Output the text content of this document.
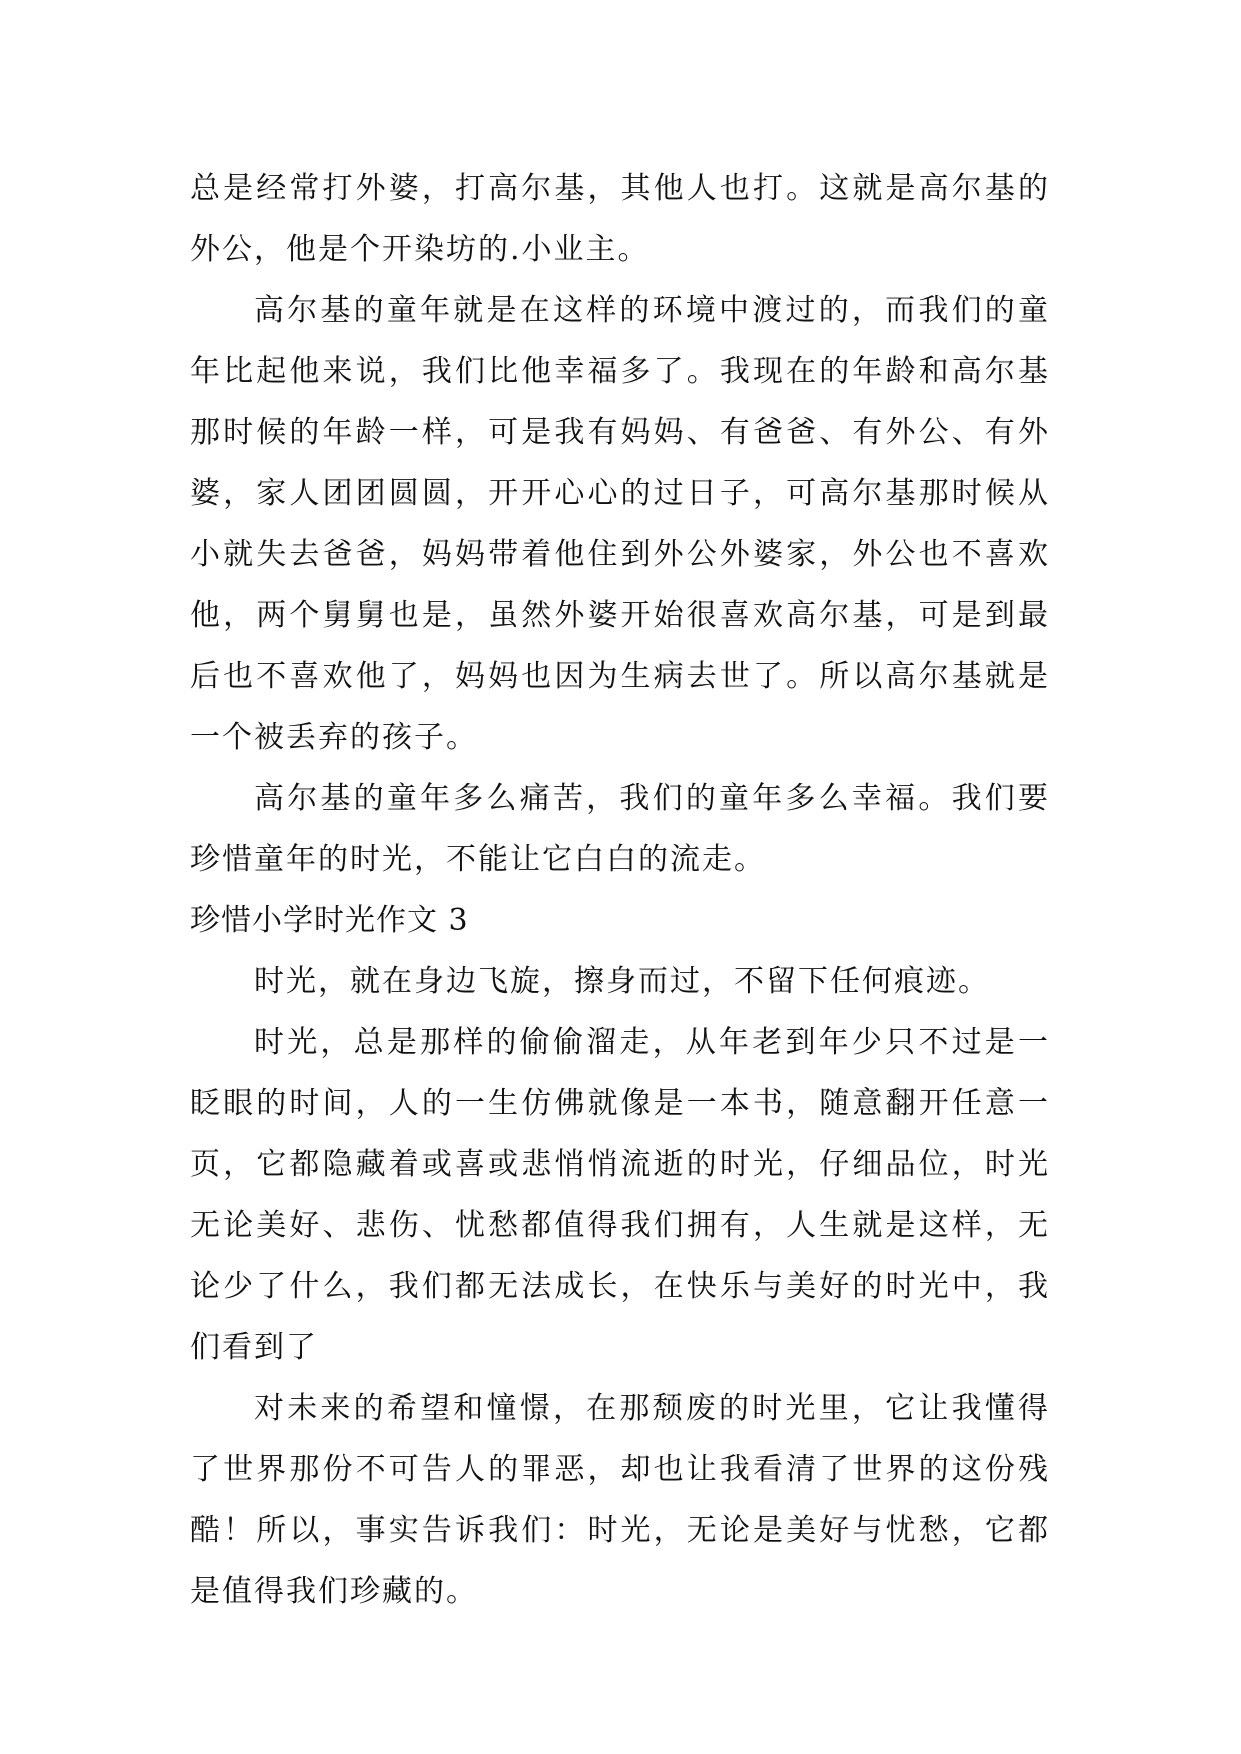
总是经常打外婆，打高尔基，其他人也打。这就是高尔基的外公，他是个开染坊的.小业主。

高尔基的童年就是在这样的环境中渡过的，而我们的童年比起他来说，我们比他幸福多了。我现在的年龄和高尔基那时候的年龄一样，可是我有妈妈、有爸爸、有外公、有外婆，家人团团圆圆，开开心心的过日子，可高尔基那时候从小就失去爸爸，妈妈带着他住到外公外婆家，外公也不喜欢他，两个舅舅也是，虽然外婆开始很喜欢高尔基，可是到最后也不喜欢他了，妈妈也因为生病去世了。所以高尔基就是一个被丢弃的孩子。

高尔基的童年多么痛苦，我们的童年多么幸福。我们要珍惜童年的时光，不能让它白白的流走。

珍惜小学时光作文 3

时光，就在身边飞旋，擦身而过，不留下任何痕迹。

时光，总是那样的偷偷溜走，从年老到年少只不过是一眨眼的时间，人的一生仿佛就像是一本书，随意翻开任意一页，它都隐藏着或喜或悲悄悄流逝的时光，仔细品位，时光无论美好、悲伤、忧愁都值得我们拥有，人生就是这样，无论少了什么，我们都无法成长，在快乐与美好的时光中，我们看到了

对未来的希望和憧憬，在那颓废的时光里，它让我懂得了世界那份不可告人的罪恶，却也让我看清了世界的这份残酷！所以，事实告诉我们：时光，无论是美好与忧愁，它都是值得我们珍藏的。
